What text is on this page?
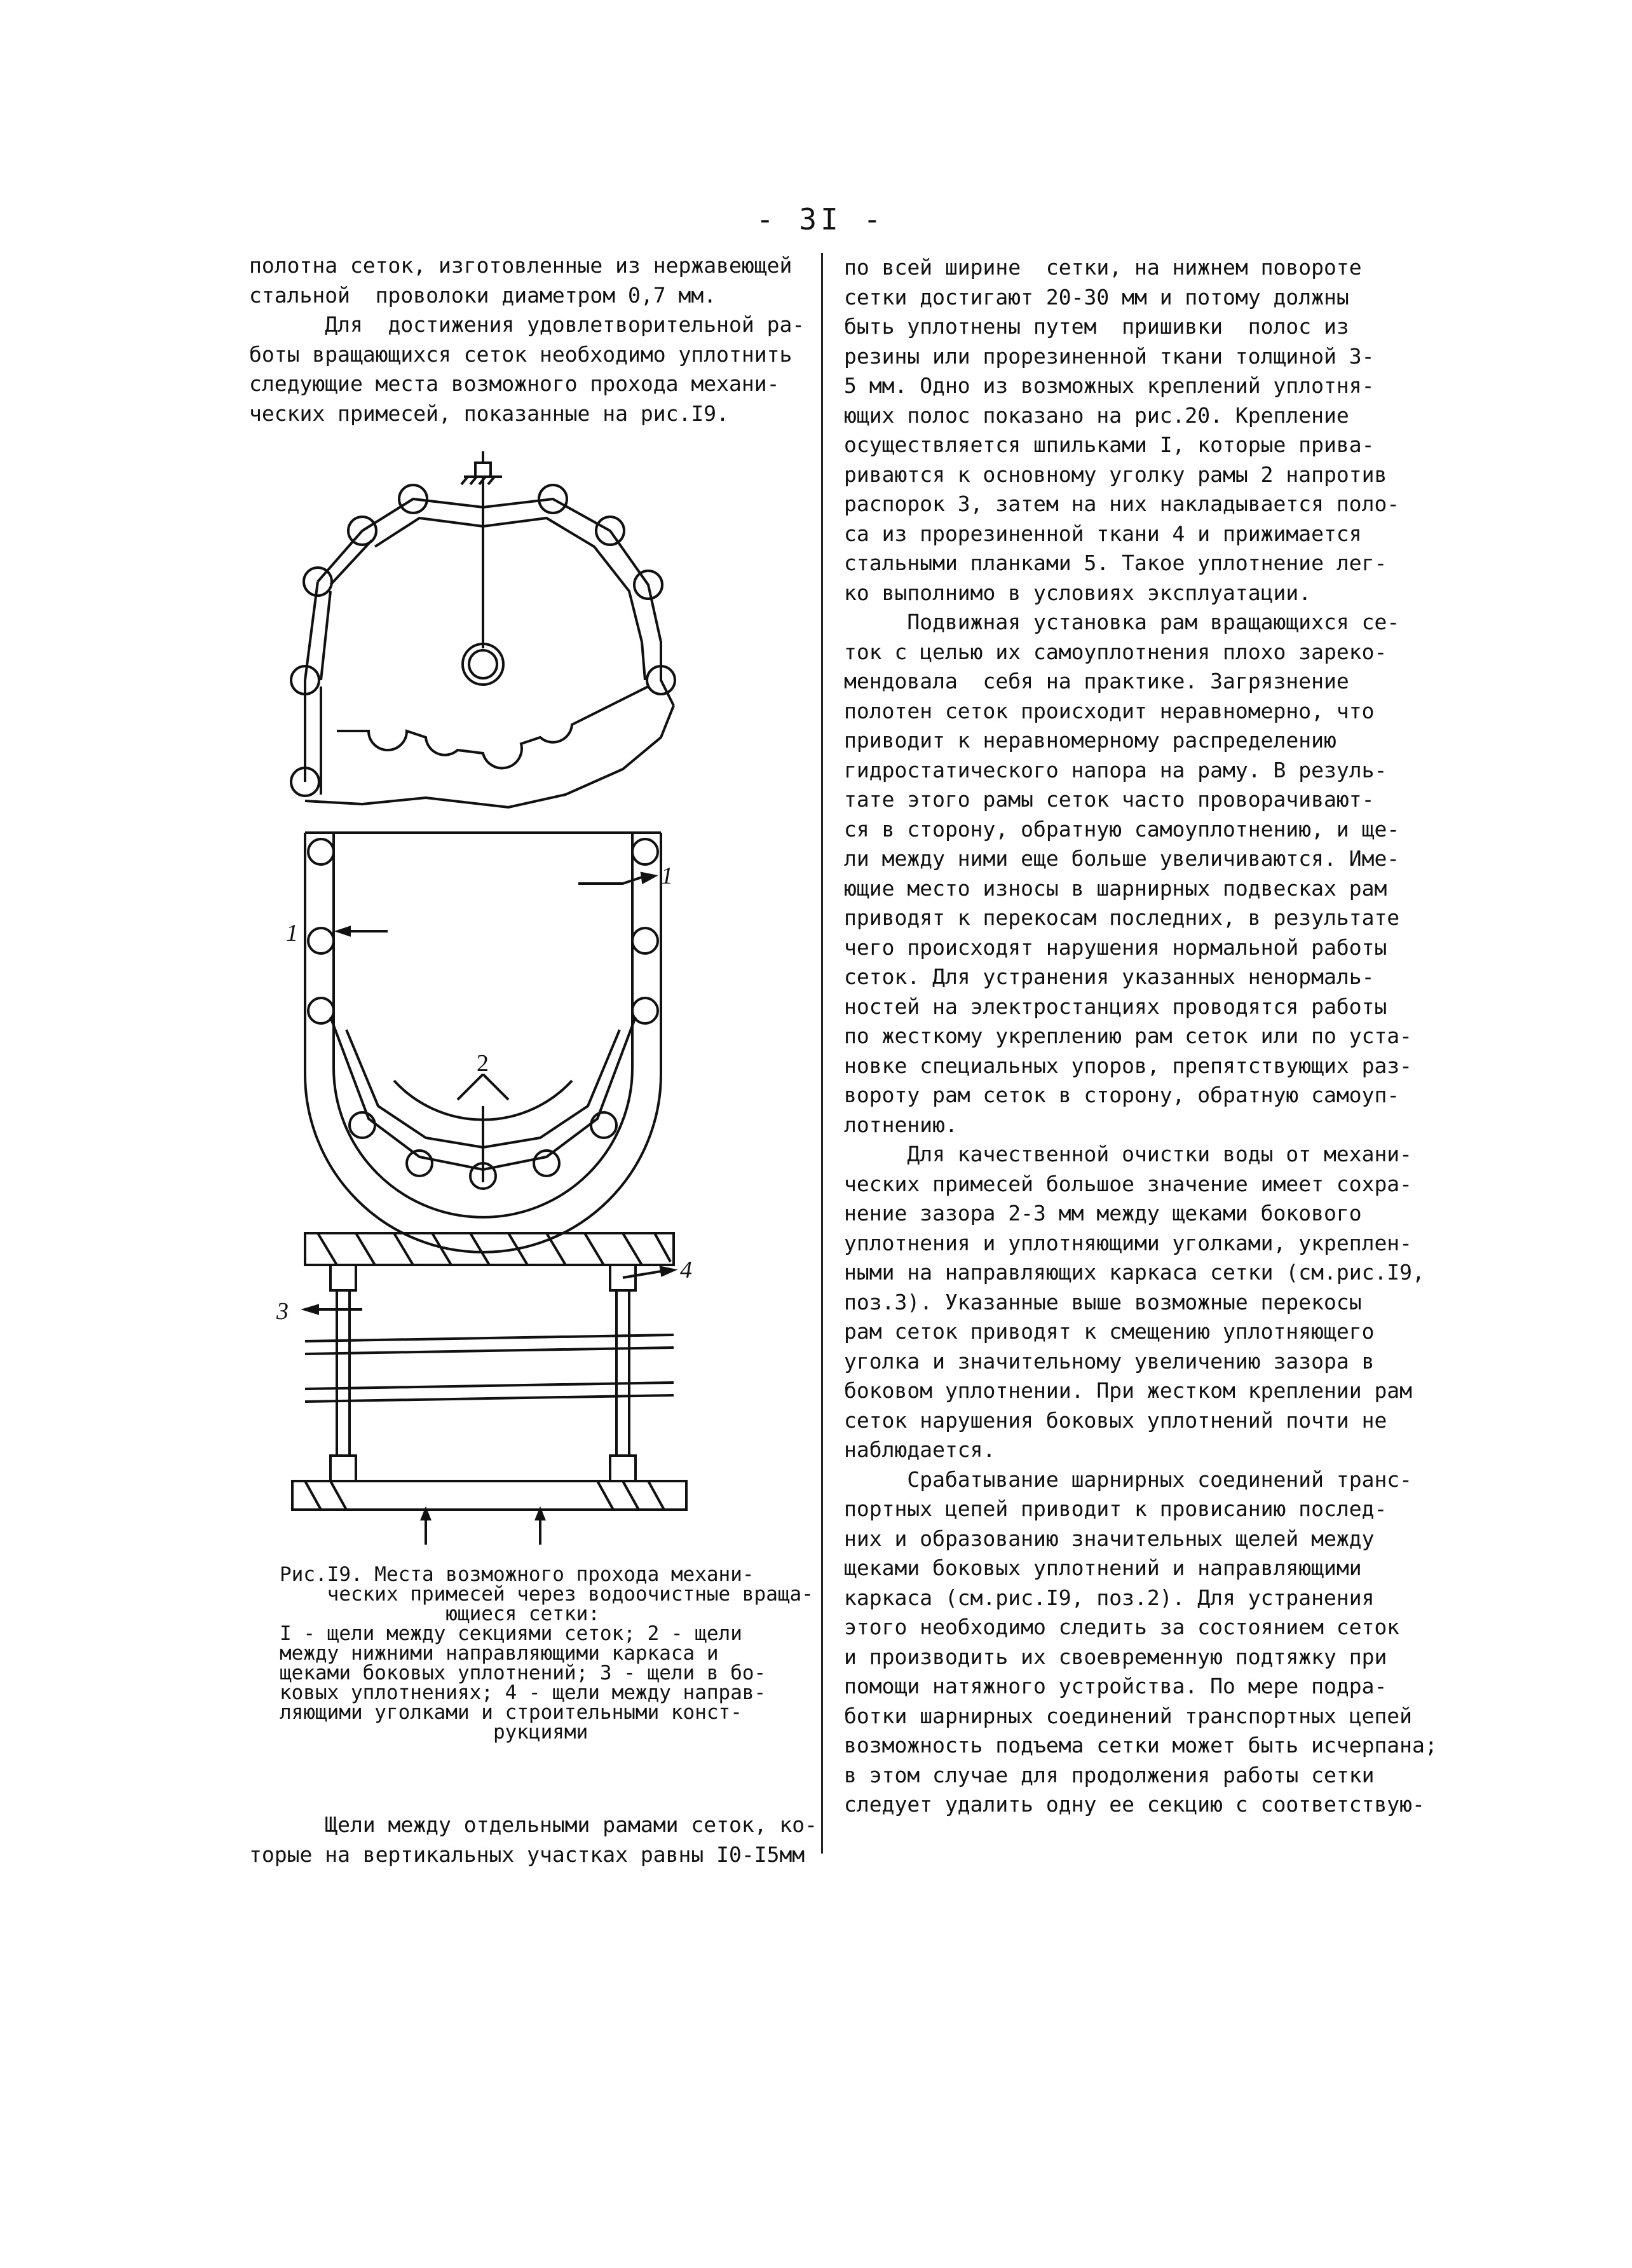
- 3I -
полотна сеток, изготовленные из нержавеющей
стальной  проволоки диаметром 0,7 мм.
Для  достижения удовлетворительной ра-
боты вращающихся сеток необходимо уплотнить
следующие места возможного прохода механи-
ческих примесей, показанные на рис.I9.
1
1
2
3
4
Рис.I9. Места возможного прохода механи-
ческих примесей через водоочистные враща-
ющиеся сетки:
I - щели между секциями сеток; 2 - щели
между нижними направляющими каркаса и
щеками боковых уплотнений; 3 - щели в бо-
ковых уплотнениях; 4 - щели между направ-
ляющими уголками и строительными конст-
рукциями
Щели между отдельными рамами сеток, ко-
торые на вертикальных участках равны I0-I5мм
по всей ширине  сетки, на нижнем повороте
сетки достигают 20-30 мм и потому должны
быть уплотнены путем  пришивки  полос из
резины или прорезиненной ткани толщиной 3-
5 мм. Одно из возможных креплений уплотня-
ющих полос показано на рис.20. Крепление
осуществляется шпильками I, которые прива-
риваются к основному уголку рамы 2 напротив
распорок 3, затем на них накладывается поло-
са из прорезиненной ткани 4 и прижимается
стальными планками 5. Такое уплотнение лег-
ко выполнимо в условиях эксплуатации.
Подвижная установка рам вращающихся се-
ток с целью их самоуплотнения плохо зареко-
мендовала  себя на практике. Загрязнение
полотен сеток происходит неравномерно, что
приводит к неравномерному распределению
гидростатического напора на раму. В резуль-
тате этого рамы сеток часто проворачивают-
ся в сторону, обратную самоуплотнению, и ще-
ли между ними еще больше увеличиваются. Име-
ющие место износы в шарнирных подвесках рам
приводят к перекосам последних, в результате
чего происходят нарушения нормальной работы
сеток. Для устранения указанных ненормаль-
ностей на электростанциях проводятся работы
по жесткому укреплению рам сеток или по уста-
новке специальных упоров, препятствующих раз-
вороту рам сеток в сторону, обратную самоуп-
лотнению.
Для качественной очистки воды от механи-
ческих примесей большое значение имеет сохра-
нение зазора 2-3 мм между щеками бокового
уплотнения и уплотняющими уголками, укреплен-
ными на направляющих каркаса сетки (см.рис.I9,
поз.3). Указанные выше возможные перекосы
рам сеток приводят к смещению уплотняющего
уголка и значительному увеличению зазора в
боковом уплотнении. При жестком креплении рам
сеток нарушения боковых уплотнений почти не
наблюдается.
Срабатывание шарнирных соединений транс-
портных цепей приводит к провисанию послед-
них и образованию значительных щелей между
щеками боковых уплотнений и направляющими
каркаса (см.рис.I9, поз.2). Для устранения
этого необходимо следить за состоянием сеток
и производить их своевременную подтяжку при
помощи натяжного устройства. По мере подра-
ботки шарнирных соединений транспортных цепей
возможность подъема сетки может быть исчерпана;
в этом случае для продолжения работы сетки
следует удалить одну ее секцию с соответствую-
